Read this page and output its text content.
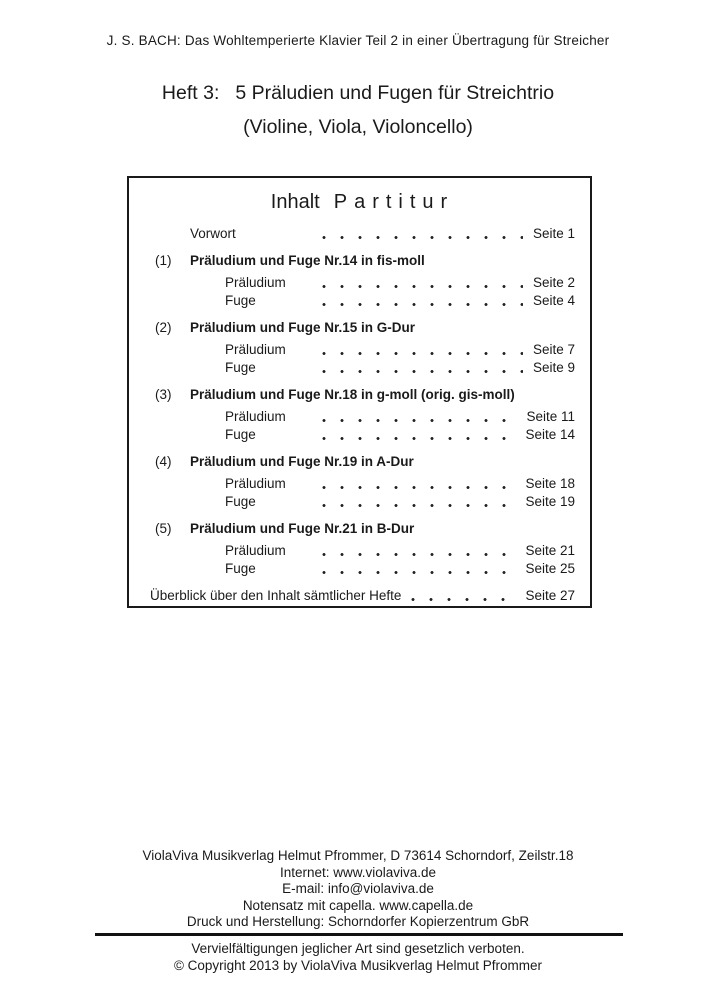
J. S. BACH: Das Wohltemperierte Klavier Teil 2 in einer Übertragung für Streicher
Heft 3: 5 Präludien und Fugen für Streichtrio
(Violine, Viola, Violoncello)
Inhalt Partitur
Vorwort	Seite 1
(1)	Präludium und Fuge Nr.14 in fis-moll
Präludium	Seite 2
Fuge	Seite 4
(2)	Präludium und Fuge Nr.15 in G-Dur
Präludium	Seite 7
Fuge	Seite 9
(3)	Präludium und Fuge Nr.18 in g-moll (orig. gis-moll)
Präludium	Seite 11
Fuge	Seite 14
(4)	Präludium und Fuge Nr.19 in A-Dur
Präludium	Seite 18
Fuge	Seite 19
(5)	Präludium und Fuge Nr.21 in B-Dur
Präludium	Seite 21
Fuge	Seite 25
Überblick über den Inhalt sämtlicher Hefte	Seite 27
ViolaViva Musikverlag Helmut Pfrommer, D 73614 Schorndorf, Zeilstr.18
Internet: www.violaviva.de
E-mail: info@violaviva.de
Notensatz mit capella. www.capella.de
Druck und Herstellung: Schorndorfer Kopierzentrum GbR
Vervielfältigungen jeglicher Art sind gesetzlich verboten.
© Copyright 2013 by ViolaViva Musikverlag Helmut Pfrommer
